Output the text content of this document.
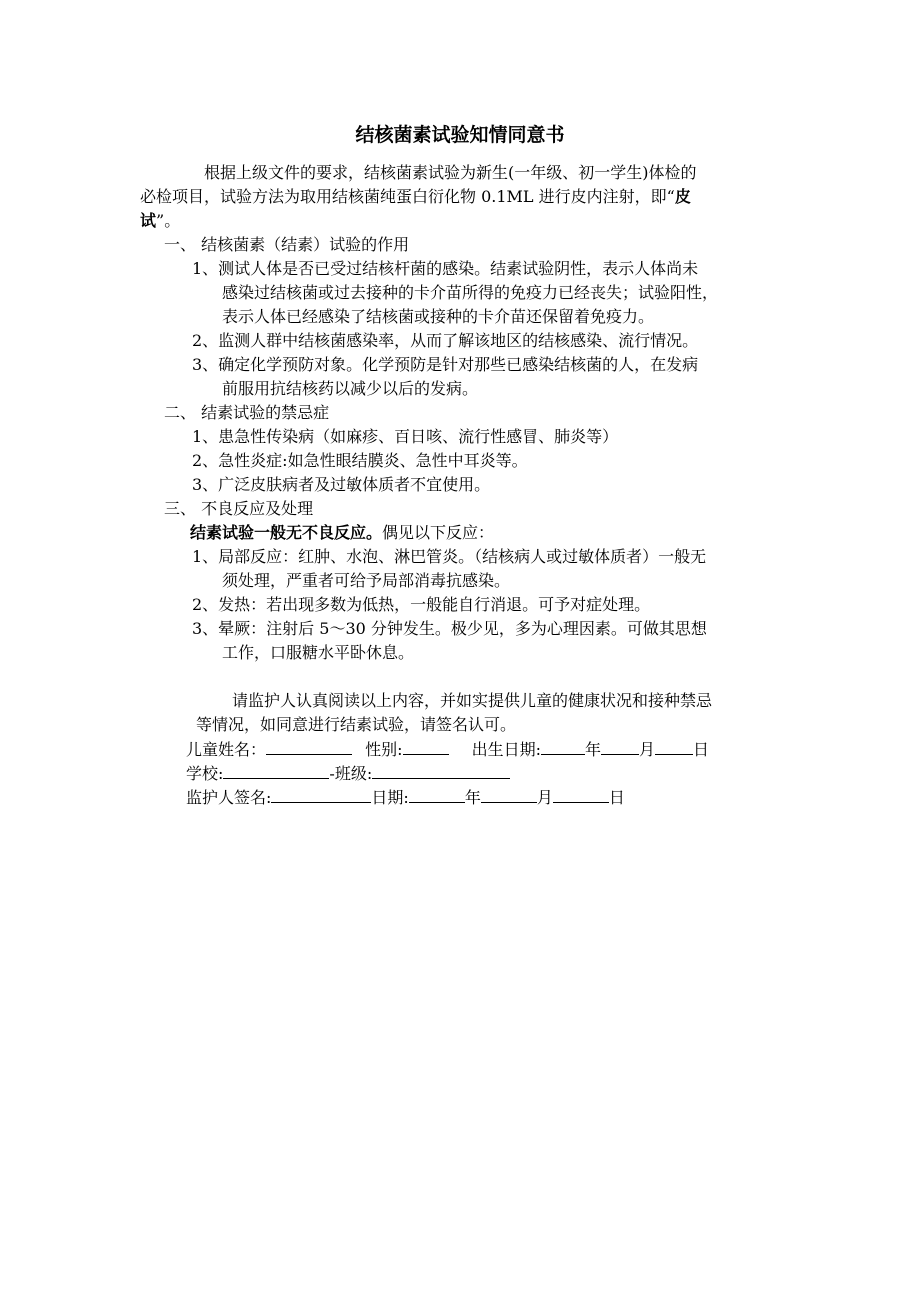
结核菌素试验知情同意书
根据上级文件的要求，结核菌素试验为新生(一年级、初一学生)体检的
必检项目，试验方法为取用结核菌纯蛋白衍化物 0.1ML 进行皮内注射，即“皮
试”。
一、 结核菌素（结素）试验的作用
1、测试人体是否已受过结核杆菌的感染。结素试验阴性，表示人体尚未
感染过结核菌或过去接种的卡介苗所得的免疫力已经丧失；试验阳性，
表示人体已经感染了结核菌或接种的卡介苗还保留着免疫力。
2、监测人群中结核菌感染率，从而了解该地区的结核感染、流行情况。
3、确定化学预防对象。化学预防是针对那些已感染结核菌的人，在发病
前服用抗结核药以减少以后的发病。
二、 结素试验的禁忌症
1、患急性传染病（如麻疹、百日咳、流行性感冒、肺炎等）
2、急性炎症:如急性眼结膜炎、急性中耳炎等。
3、广泛皮肤病者及过敏体质者不宜使用。
三、 不良反应及处理
结素试验一般无不良反应。偶见以下反应：
1、局部反应：红肿、水泡、淋巴管炎。（结核病人或过敏体质者）一般无
须处理，严重者可给予局部消毒抗感染。
2、发热：若出现多数为低热，一般能自行消退。可予对症处理。
3、晕厥：注射后 5～30 分钟发生。极少见，多为心理因素。可做其思想
工作，口服糖水平卧休息。
请监护人认真阅读以上内容，并如实提供儿童的健康状况和接种禁忌
等情况，如同意进行结素试验，请签名认可。
儿童姓名：	性别:	出生日期:	年 月 日
学校:	-班级:
监护人签名:	日期:	年	月	日
